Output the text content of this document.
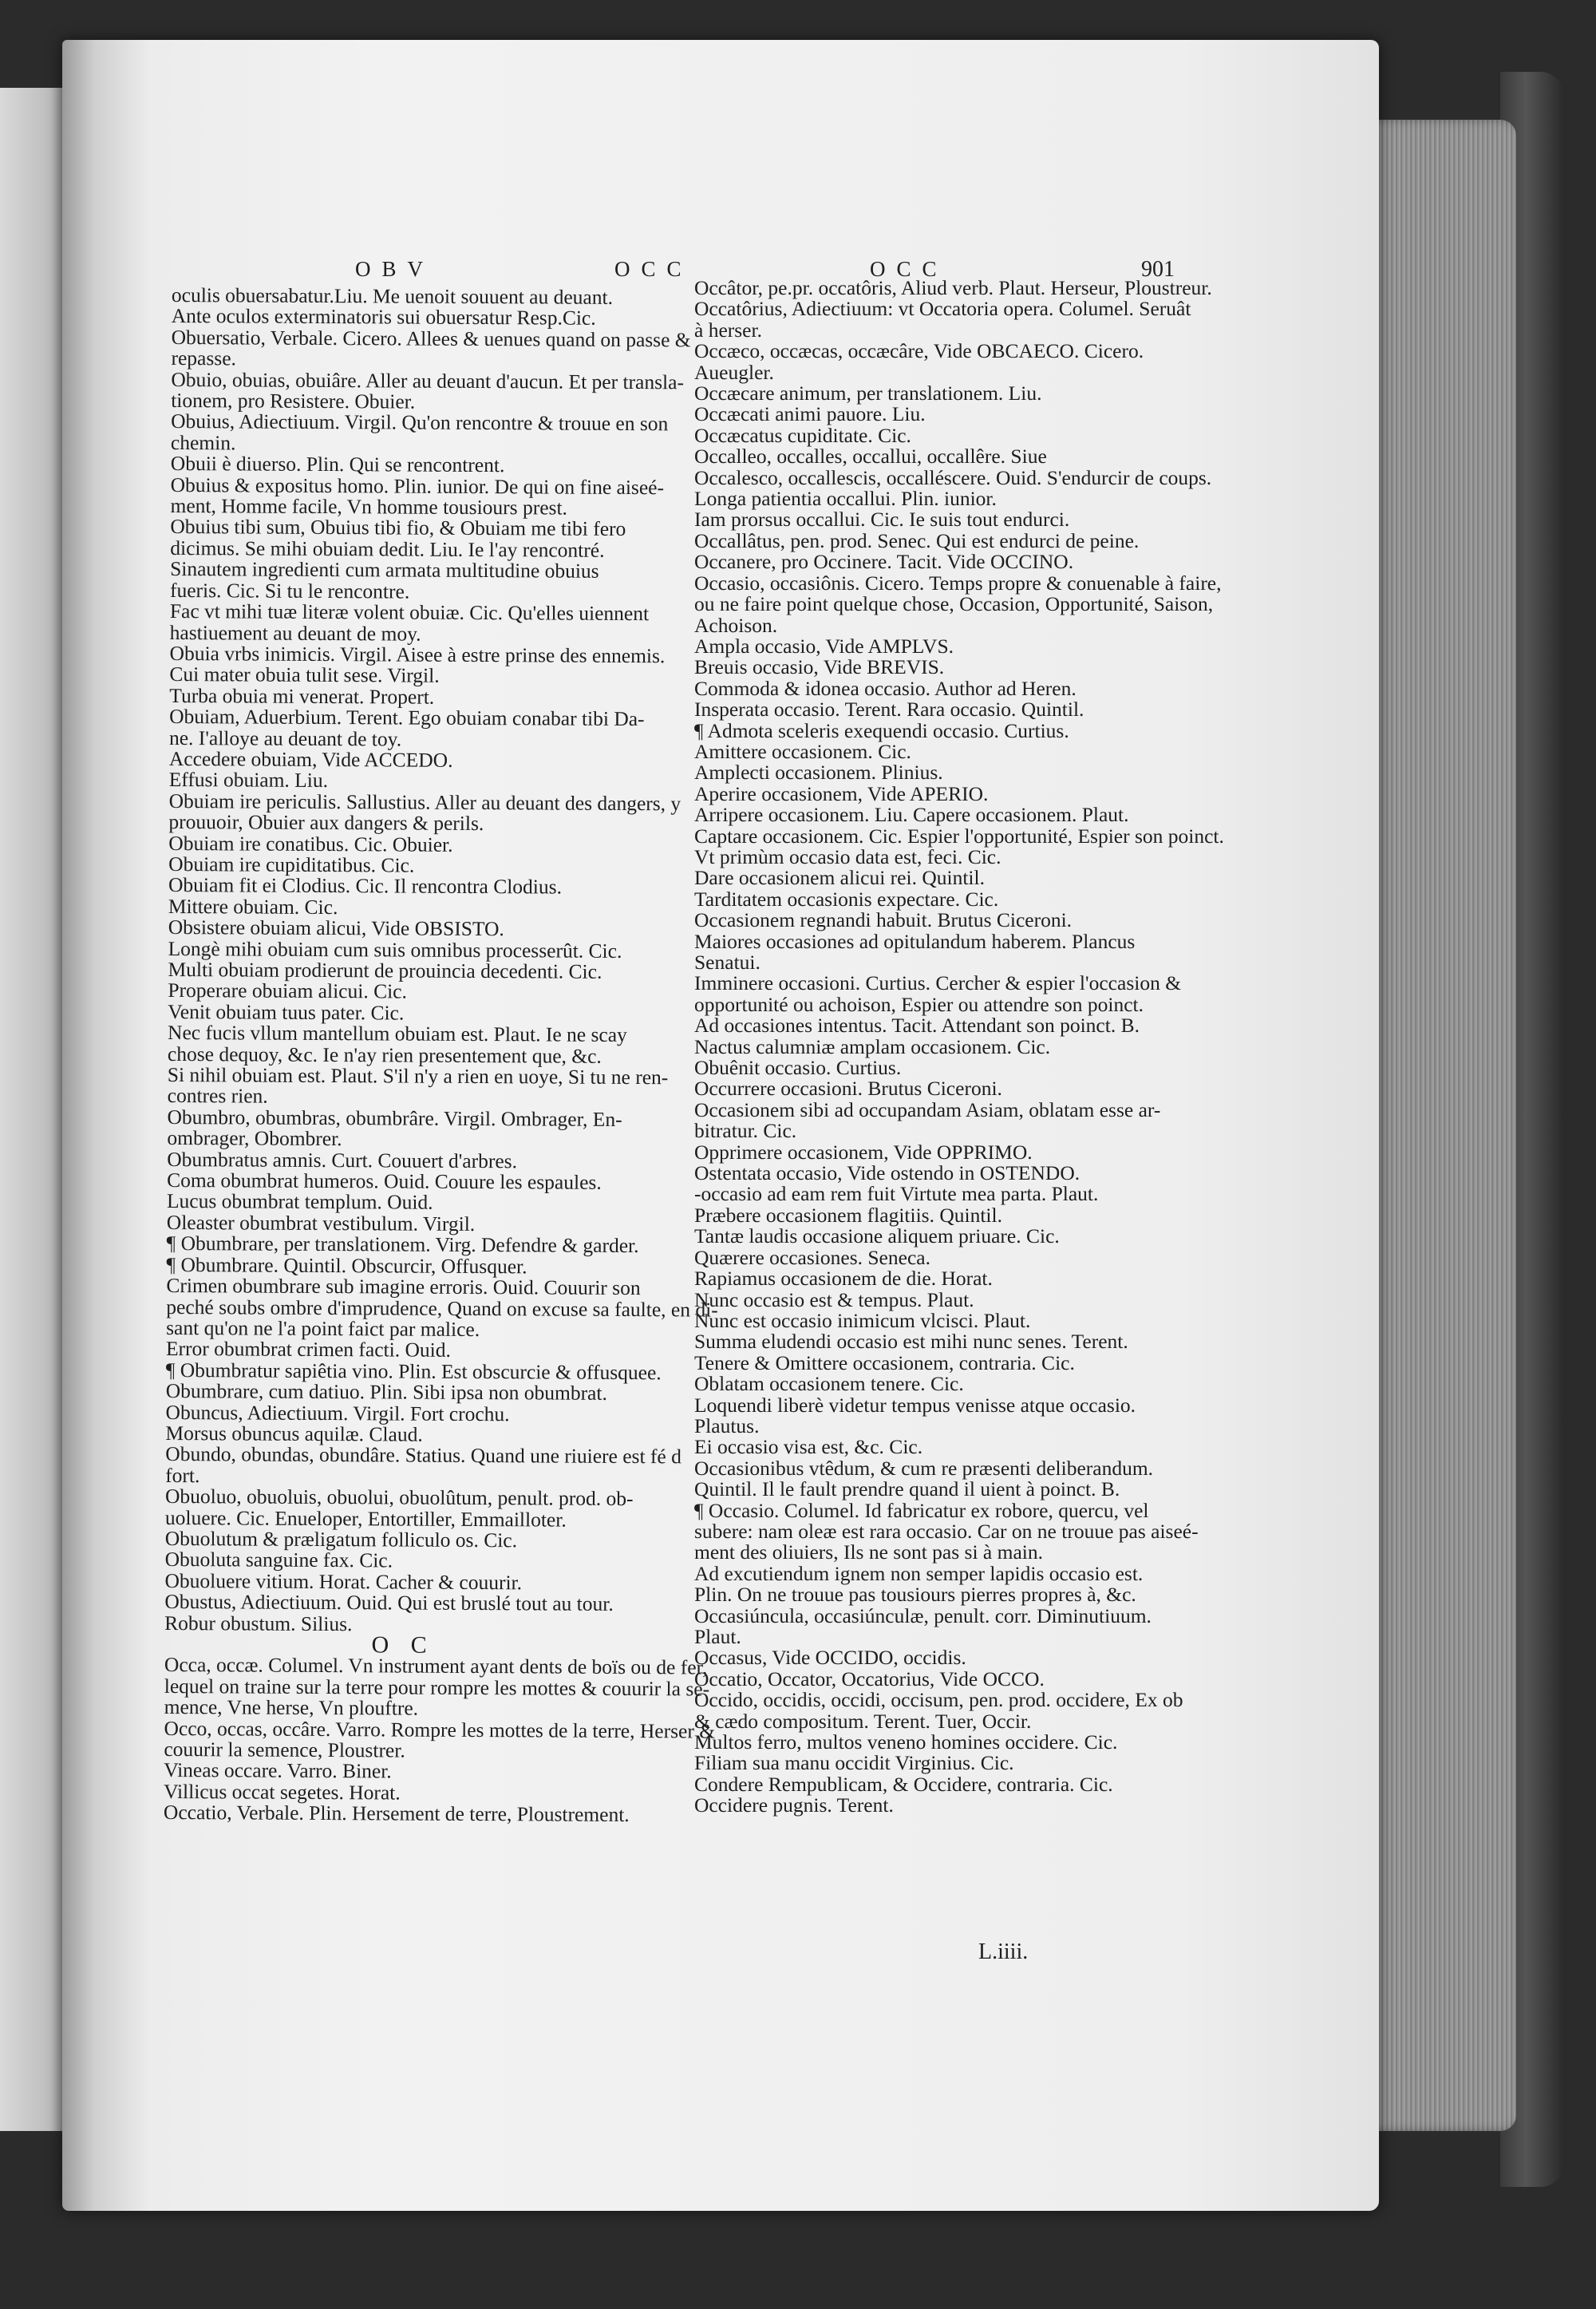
OBV	OCC	OCC	901

oculis obuersabatur.Liu. Me uenoit souuent au deuant.

Ante oculos exterminatoris sui obuersatur Resp.Cic.

Obuersatio, Verbale. Cicero. Allees & uenues quand on passe &

repasse.

Obuio, obuias, obuiâre. Aller au deuant d'aucun. Et per transla-

tionem, pro Resistere. Obuier.

Obuius, Adiectiuum. Virgil. Qu'on rencontre & trouue en son

chemin.

Obuii è diuerso. Plin. Qui se rencontrent.

Obuius & expositus homo. Plin. iunior. De qui on fine aiseé-

ment, Homme facile, Vn homme tousiours prest.

Obuius tibi sum, Obuius tibi fio, & Obuiam me tibi fero

dicimus. Se mihi obuiam dedit. Liu. Ie l'ay rencontré.

Sinautem ingredienti cum armata multitudine obuius

fueris. Cic. Si tu le rencontre.

Fac vt mihi tuæ literæ volent obuiæ. Cic. Qu'elles uiennent

hastiuement au deuant de moy.

Obuia vrbs inimicis. Virgil. Aisee à estre prinse des ennemis.

Cui mater obuia tulit sese. Virgil.

Turba obuia mi venerat. Propert.

Obuiam, Aduerbium. Terent. Ego obuiam conabar tibi Da-

ne. I'alloye au deuant de toy.

Accedere obuiam, Vide ACCEDO.

Effusi obuiam. Liu.

Obuiam ire periculis. Sallustius. Aller au deuant des dangers, y

prouuoir, Obuier aux dangers & perils.

Obuiam ire conatibus. Cic. Obuier.

Obuiam ire cupiditatibus. Cic.

Obuiam fit ei Clodius. Cic. Il rencontra Clodius.

Mittere obuiam. Cic.

Obsistere obuiam alicui, Vide OBSISTO.

Longè mihi obuiam cum suis omnibus processerût. Cic.

Multi obuiam prodierunt de prouincia decedenti. Cic.

Properare obuiam alicui. Cic.

Venit obuiam tuus pater. Cic.

Nec fucis vllum mantellum obuiam est. Plaut. Ie ne scay

chose dequoy, &c. Ie n'ay rien presentement que, &c.

Si nihil obuiam est. Plaut. S'il n'y a rien en uoye, Si tu ne ren-

contres rien.

Obumbro, obumbras, obumbrâre. Virgil. Ombrager, En-

ombrager, Obombrer.

Obumbratus amnis. Curt. Couuert d'arbres.

Coma obumbrat humeros. Ouid. Couure les espaules.

Lucus obumbrat templum. Ouid.

Oleaster obumbrat vestibulum. Virgil.

¶ Obumbrare, per translationem. Virg. Defendre & garder.

¶ Obumbrare. Quintil. Obscurcir, Offusquer.

Crimen obumbrare sub imagine erroris. Ouid. Couurir son

peché soubs ombre d'imprudence, Quand on excuse sa faulte, en di-

sant qu'on ne l'a point faict par malice.

Error obumbrat crimen facti. Ouid.

¶ Obumbratur sapiêtia vino. Plin. Est obscurcie & offusquee.

Obumbrare, cum datiuo. Plin. Sibi ipsa non obumbrat.

Obuncus, Adiectiuum. Virgil. Fort crochu.

Morsus obuncus aquilæ. Claud.

Obundo, obundas, obundâre. Statius. Quand une riuiere est fé d

fort.

Obuoluo, obuoluis, obuolui, obuolûtum, penult. prod. ob-

uoluere. Cic. Enueloper, Entortiller, Emmailloter.

Obuolutum & præligatum folliculo os. Cic.

Obuoluta sanguine fax. Cic.

Obuoluere vitium. Horat. Cacher & couurir.

Obustus, Adiectiuum. Ouid. Qui est bruslé tout au tour.

Robur obustum. Silius.

O C

Occa, occæ. Columel. Vn instrument ayant dents de boïs ou de fer,

lequel on traine sur la terre pour rompre les mottes & couurir la se-

mence, Vne herse, Vn plouftre.

Occo, occas, occâre. Varro. Rompre les mottes de la terre, Herser &

couurir la semence, Ploustrer.

Vineas occare. Varro. Biner.

Villicus occat segetes. Horat.

Occatio, Verbale. Plin. Hersement de terre, Ploustrement.

Occâtor, pe.pr. occatôris, Aliud verb. Plaut. Herseur, Ploustreur.

Occatôrius, Adiectiuum: vt Occatoria opera. Columel. Seruât

à herser.

Occæco, occæcas, occæcâre, Vide OBCAECO. Cicero.

Aueugler.

Occæcare animum, per translationem. Liu.

Occæcati animi pauore. Liu.

Occæcatus cupiditate. Cic.

Occalleo, occalles, occallui, occallêre. Siue

Occalesco, occallescis, occalléscere. Ouid. S'endurcir de coups.

Longa patientia occallui. Plin. iunior.

Iam prorsus occallui. Cic. Ie suis tout endurci.

Occallâtus, pen. prod. Senec. Qui est endurci de peine.

Occanere, pro Occinere. Tacit. Vide OCCINO.

Occasio, occasiônis. Cicero. Temps propre & conuenable à faire,

ou ne faire point quelque chose, Occasion, Opportunité, Saison,

Achoison.

Ampla occasio, Vide AMPLVS.

Breuis occasio, Vide BREVIS.

Commoda & idonea occasio. Author ad Heren.

Insperata occasio. Terent. Rara occasio. Quintil.

¶ Admota sceleris exequendi occasio. Curtius.

Amittere occasionem. Cic.

Amplecti occasionem. Plinius.

Aperire occasionem, Vide APERIO.

Arripere occasionem. Liu. Capere occasionem. Plaut.

Captare occasionem. Cic. Espier l'opportunité, Espier son poinct.

Vt primùm occasio data est, feci. Cic.

Dare occasionem alicui rei. Quintil.

Tarditatem occasionis expectare. Cic.

Occasionem regnandi habuit. Brutus Ciceroni.

Maiores occasiones ad opitulandum haberem. Plancus

Senatui.

Imminere occasioni. Curtius. Cercher & espier l'occasion &

opportunité ou achoison, Espier ou attendre son poinct.

Ad occasiones intentus. Tacit. Attendant son poinct. B.

Nactus calumniæ amplam occasionem. Cic.

Obuênit occasio. Curtius.

Occurrere occasioni. Brutus Ciceroni.

Occasionem sibi ad occupandam Asiam, oblatam esse ar-

bitratur. Cic.

Opprimere occasionem, Vide OPPRIMO.

Ostentata occasio, Vide ostendo in OSTENDO.

-occasio ad eam rem fuit Virtute mea parta. Plaut.

Præbere occasionem flagitiis. Quintil.

Tantæ laudis occasione aliquem priuare. Cic.

Quærere occasiones. Seneca.

Rapiamus occasionem de die. Horat.

Nunc occasio est & tempus. Plaut.

Nunc est occasio inimicum vlcisci. Plaut.

Summa eludendi occasio est mihi nunc senes. Terent.

Tenere & Omittere occasionem, contraria. Cic.

Oblatam occasionem tenere. Cic.

Loquendi liberè videtur tempus venisse atque occasio.

Plautus.

Ei occasio visa est, &c. Cic.

Occasionibus vtêdum, & cum re præsenti deliberandum.

Quintil. Il le fault prendre quand il uient à poinct. B.

¶ Occasio. Columel. Id fabricatur ex robore, quercu, vel

subere: nam oleæ est rara occasio. Car on ne trouue pas aiseé-

ment des oliuiers, Ils ne sont pas si à main.

Ad excutiendum ignem non semper lapidis occasio est.

Plin. On ne trouue pas tousiours pierres propres à, &c.

Occasiúncula, occasiúnculæ, penult. corr. Diminutiuum.

Plaut.

Occasus, Vide OCCIDO, occidis.

Occatio, Occator, Occatorius, Vide OCCO.

Occido, occidis, occidi, occisum, pen. prod. occidere, Ex ob

& cædo compositum. Terent. Tuer, Occir.

Multos ferro, multos veneno homines occidere. Cic.

Filiam sua manu occidit Virginius. Cic.

Condere Rempublicam, & Occidere, contraria. Cic.

Occidere pugnis. Terent.

L.iiii.
